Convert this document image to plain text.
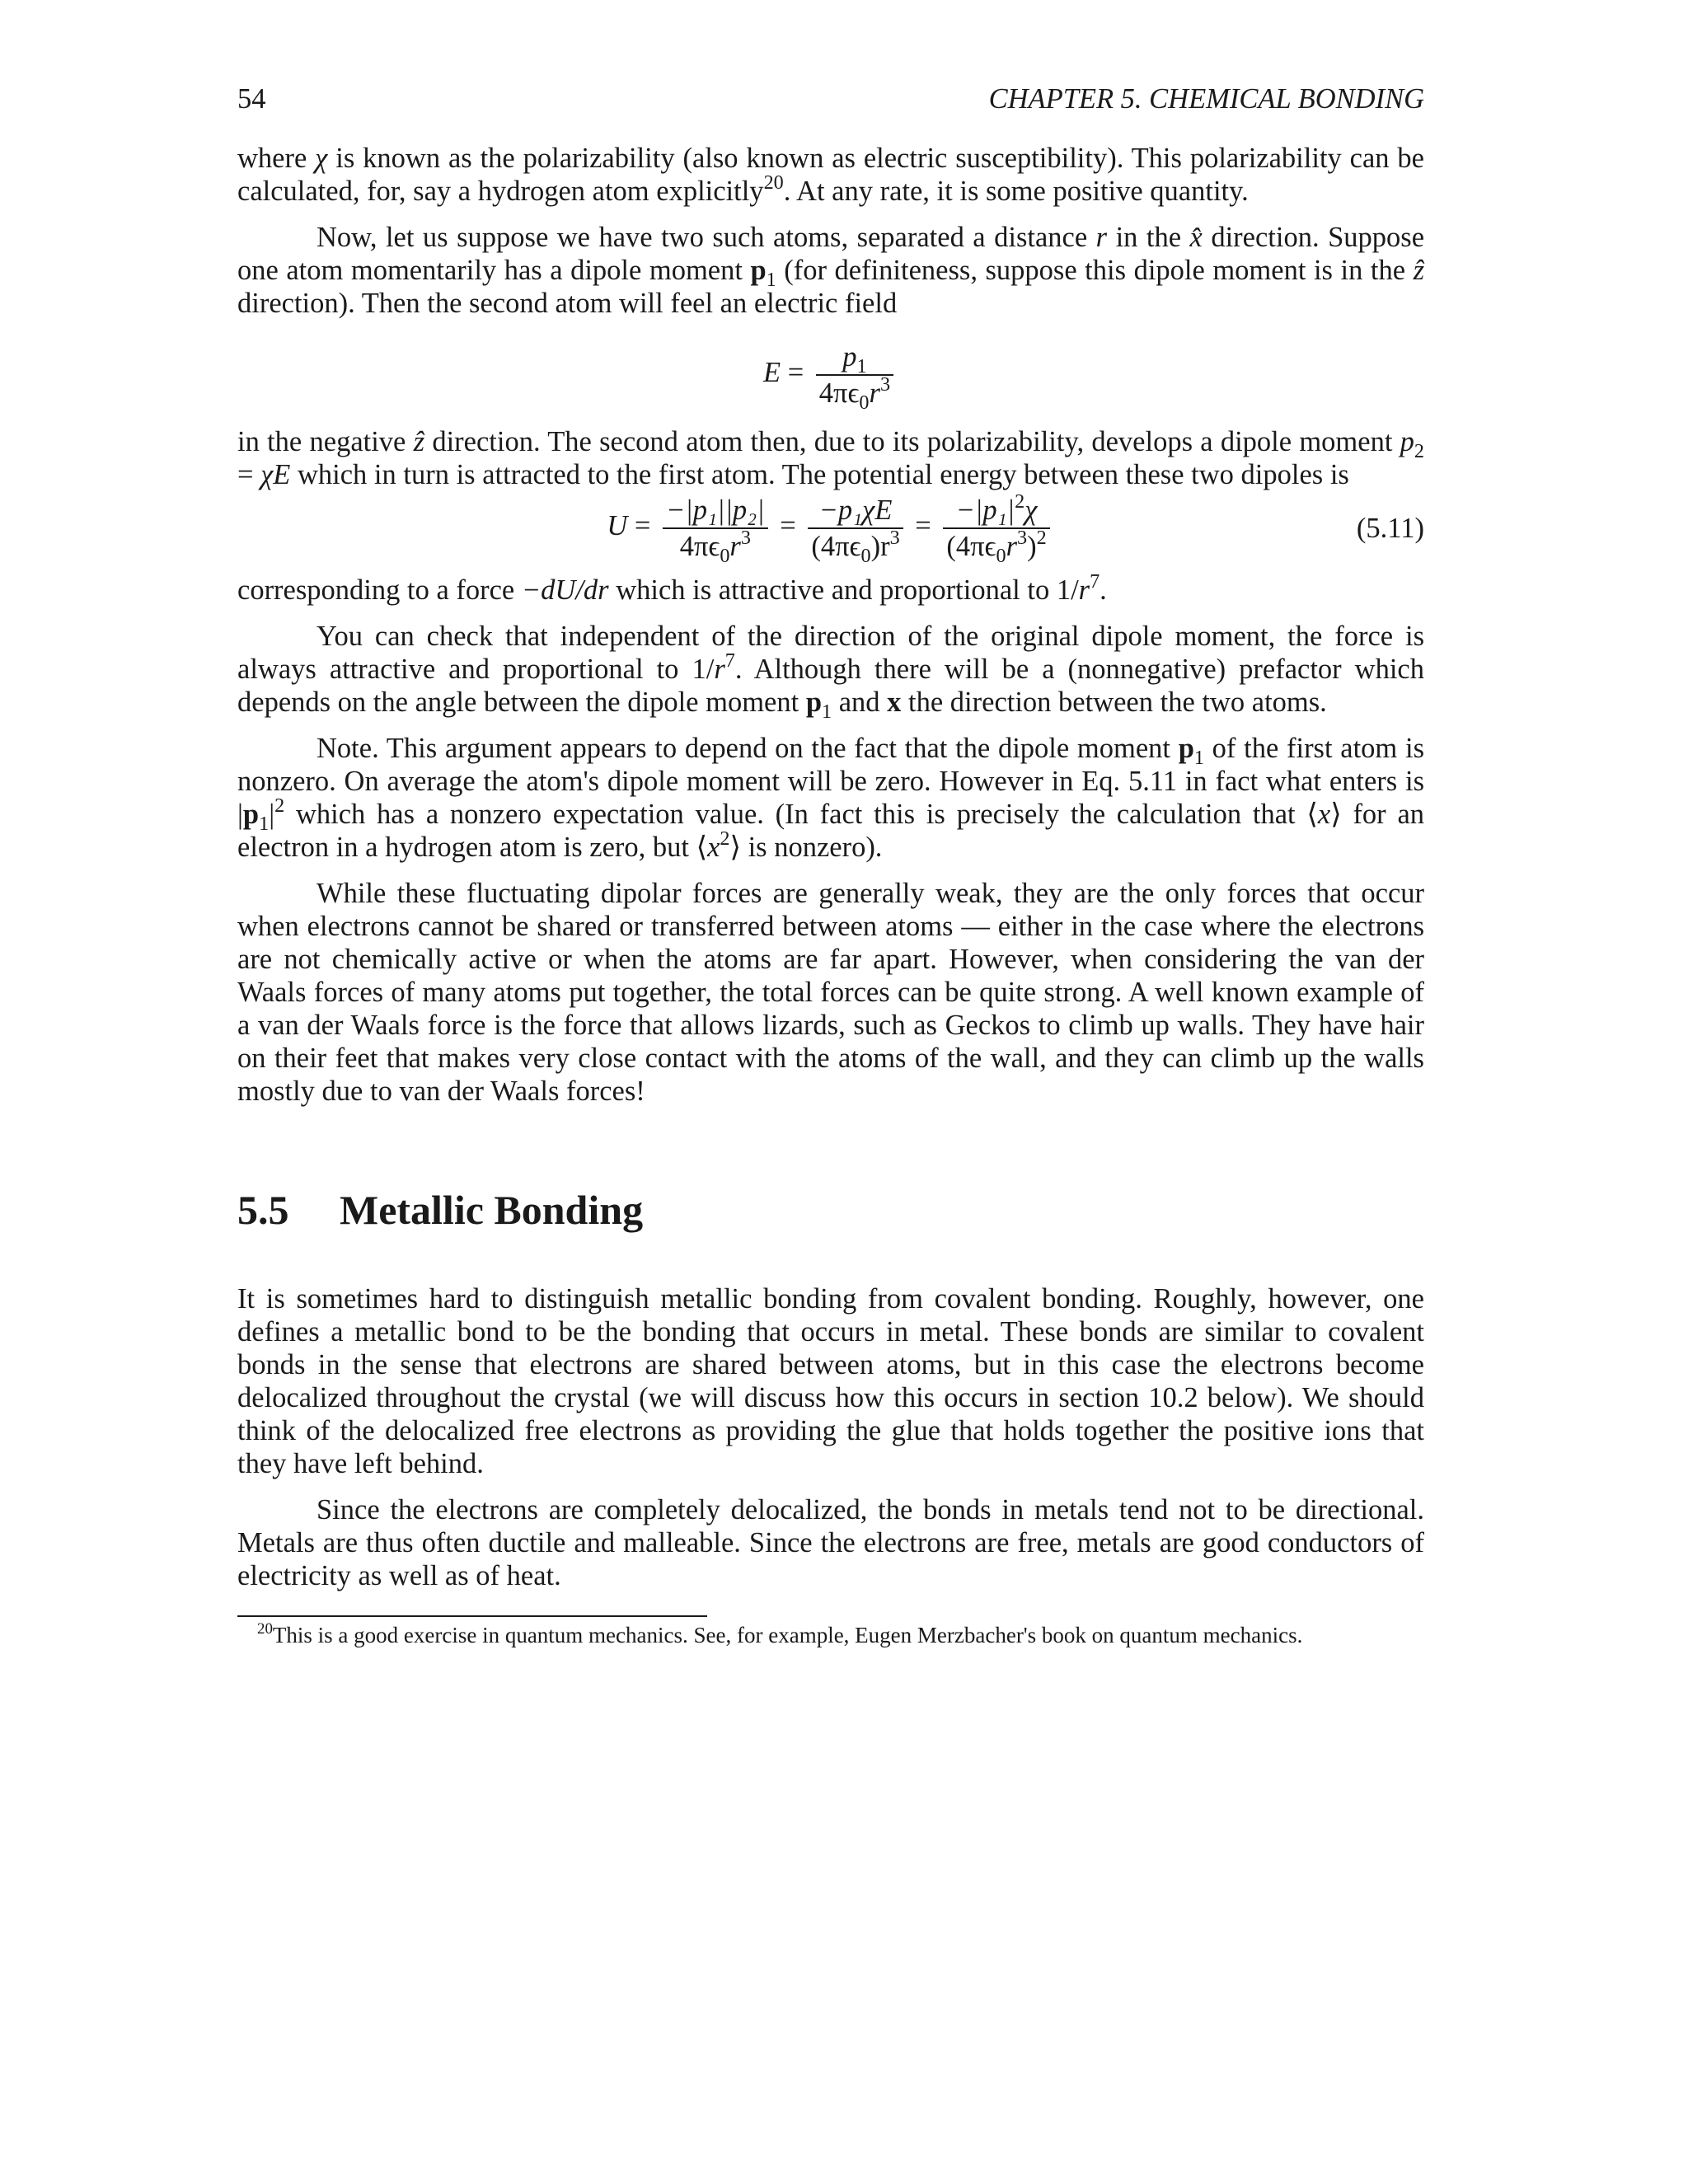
54	CHAPTER 5. CHEMICAL BONDING

where χ is known as the polarizability (also known as electric susceptibility). This polarizability can be calculated, for, say a hydrogen atom explicitly$^{20}$. At any rate, it is some positive quantity.

Now, let us suppose we have two such atoms, separated a distance r in the x̂ direction. Suppose one atom momentarily has a dipole moment $p_1$ (for definiteness, suppose this dipole moment is in the ẑ direction). Then the second atom will feel an electric field

$E = \frac{p_1}{4\pi\epsilon_0r^3}$

in the negative ẑ direction. The second atom then, due to its polarizability, develops a dipole moment $p_2 = \chi E$ which in turn is attracted to the first atom. The potential energy between these two dipoles is

$U = \frac{\text{−|p₁||p₂|}}{4\pi\epsilon_0r^3} = \frac{\text{−p₁χE}}{(4\pi\epsilon_0)r^3} = \frac{-|p_1|^2\chi}{(4\pi\epsilon_0r^3)^2}$	(5.11)

corresponding to a force −dU/dr which is attractive and proportional to $1/r^7$.

You can check that independent of the direction of the original dipole moment, the force is always attractive and proportional to $1/r^7$. Although there will be a (nonnegative) prefactor which depends on the angle between the dipole moment $p_1$ and x the direction between the two atoms.

Note. This argument appears to depend on the fact that the dipole moment $p_1$ of the first atom is nonzero. On average the atom's dipole moment will be zero. However in Eq. 5.11 in fact what enters is $|p_1|^2$ which has a nonzero expectation value. (In fact this is precisely the calculation that ⟨x⟩ for an electron in a hydrogen atom is zero, but $⟨x^2⟩$ is nonzero).

While these fluctuating dipolar forces are generally weak, they are the only forces that occur when electrons cannot be shared or transferred between atoms — either in the case where the electrons are not chemically active or when the atoms are far apart. However, when considering the van der Waals forces of many atoms put together, the total forces can be quite strong. A well known example of a van der Waals force is the force that allows lizards, such as Geckos to climb up walls. They have hair on their feet that makes very close contact with the atoms of the wall, and they can climb up the walls mostly due to van der Waals forces!

5.5 Metallic Bonding

It is sometimes hard to distinguish metallic bonding from covalent bonding. Roughly, however, one defines a metallic bond to be the bonding that occurs in metal. These bonds are similar to covalent bonds in the sense that electrons are shared between atoms, but in this case the electrons become delocalized throughout the crystal (we will discuss how this occurs in section 10.2 below). We should think of the delocalized free electrons as providing the glue that holds together the positive ions that they have left behind.

Since the electrons are completely delocalized, the bonds in metals tend not to be directional. Metals are thus often ductile and malleable. Since the electrons are free, metals are good conductors of electricity as well as of heat.

$^{20}$This is a good exercise in quantum mechanics. See, for example, Eugen Merzbacher's book on quantum mechanics.
